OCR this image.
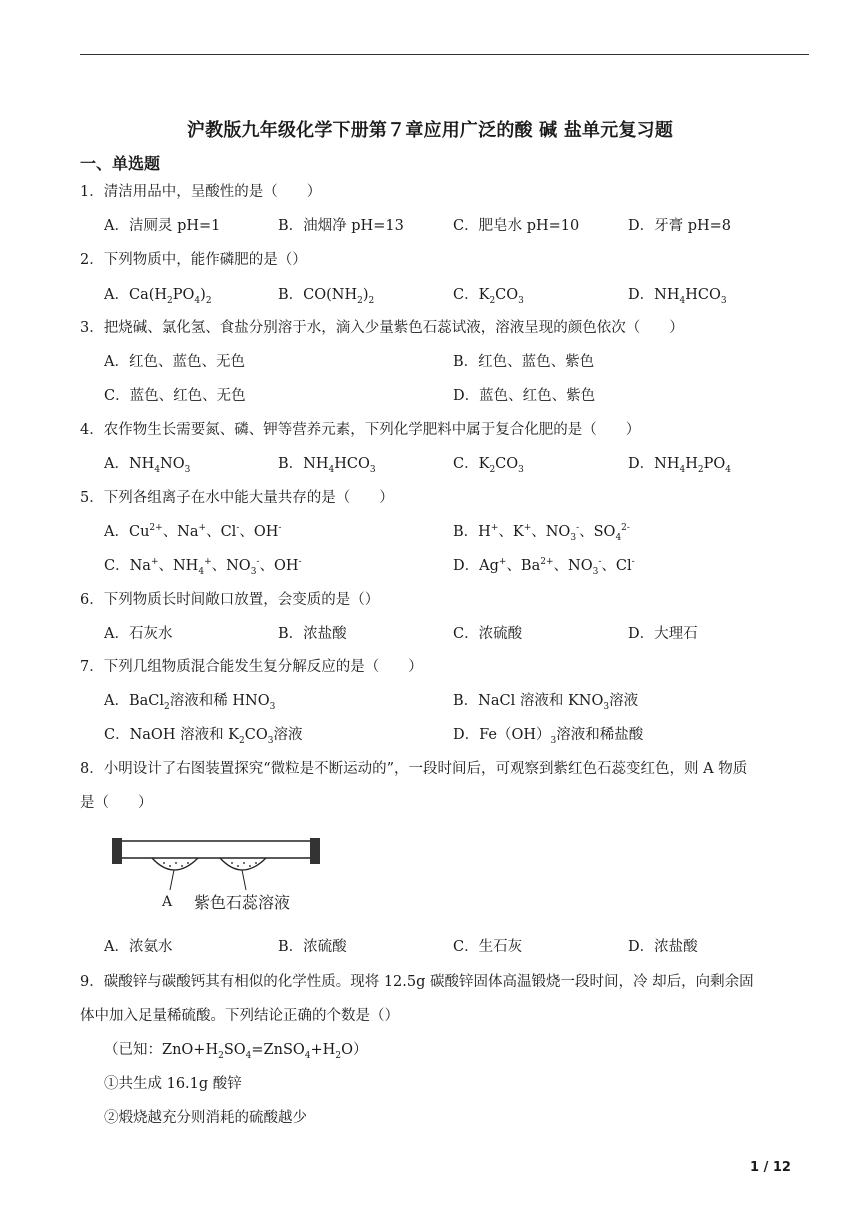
沪教版九年级化学下册第７章应用广泛的酸 碱 盐单元复习题
一、单选题
1．清洁用品中，呈酸性的是（　　）
A．洁厕灵 pH=1	B．油烟净 pH=13	C．肥皂水 pH=10	D．牙膏 pH=8
2．下列物质中，能作磷肥的是（）
A．$Ca(H_2PO_4)_2$	B．$CO(NH_2)_2$	C．$K_2CO_3$	D．$NH_4HCO_3$
3．把烧碱、氯化氢、食盐分别溶于水，滴入少量紫色石蕊试液，溶液呈现的颜色依次（　　）
A．红色、蓝色、无色	B．红色、蓝色、紫色
C．蓝色、红色、无色	D．蓝色、红色、紫色
4．农作物生长需要氮、磷、钾等营养元素，下列化学肥料中属于复合化肥的是（　　）
A．$NH_4NO_3$	B．$NH_4HCO_3$	C．$K_2CO_3$	D．$NH_4H_2PO_4$
5．下列各组离子在水中能大量共存的是（　　）
A．$Cu^{2+}$、Na+、Cl-、OH-	B．H+、K+、$NO_3^-$、$SO_4^{2-}$
C．Na+、$NH_4^+$、$NO_3^-$、OH-	D．Ag+、$Ba^{2+}$、$NO_3^-$、Cl-
6．下列物质长时间敞口放置，会变质的是（）
A．石灰水	B．浓盐酸	C．浓硫酸	D．大理石
7．下列几组物质混合能发生复分解反应的是（　　）
A．BaCl$_2$溶液和稀 $HNO_3$	B．NaCl 溶液和 $KNO_3$溶液
C．NaOH 溶液和 $K_2CO_3$溶液	D．$Fe(OH)_3$溶液和稀盐酸
8．小明设计了右图装置探究“微粒是不断运动的”，一段时间后，可观察到紫红色石蕊变红色，则 A 物质
是（　　）
A 紫色石蕊溶液
A．浓氨水	B．浓硫酸	C．生石灰	D．浓盐酸
9．碳酸锌与碳酸钙其有相似的化学性质。现将 12.5g 碳酸锌固体高温锻烧一段时间，冷 却后，向剩余固
体中加入足量稀硫酸。下列结论正确的个数是（）
（已知：$ZnO+H_2SO_4=ZnSO_4+H_2O$）
①共生成 16.1g 酸锌
②煅烧越充分则消耗的硫酸越少
1 / 12
